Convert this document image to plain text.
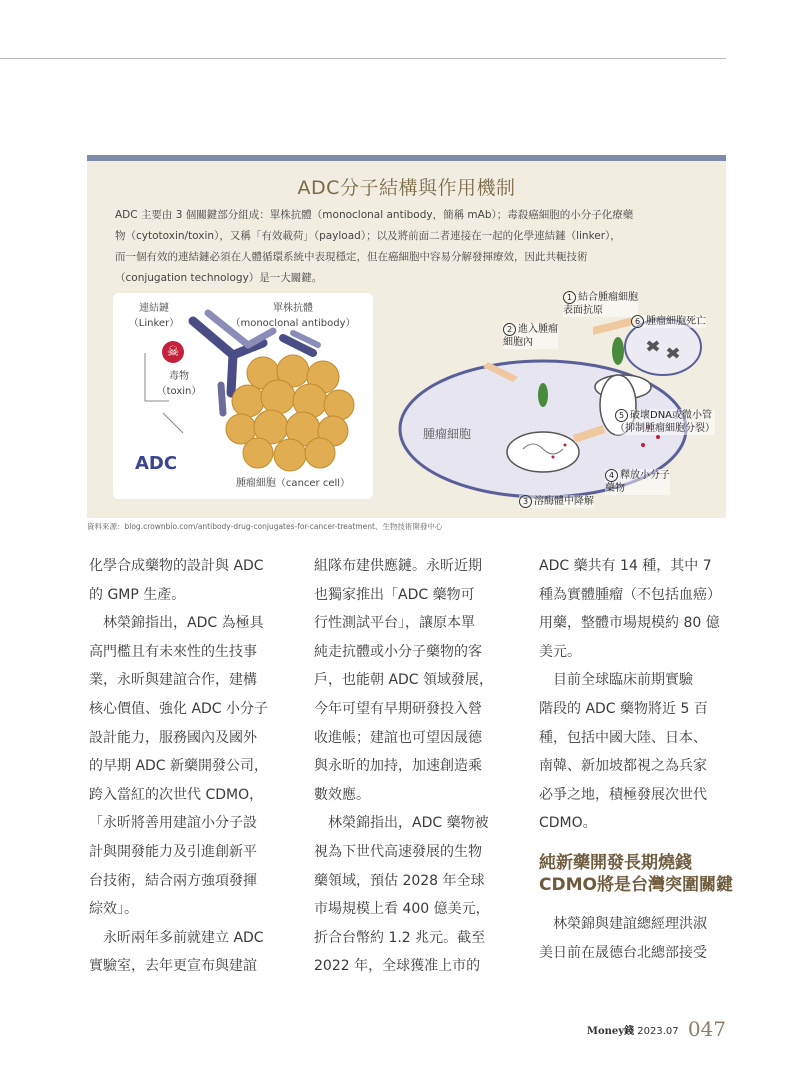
ADC分子結構與作用機制
ADC 主要由 3 個關鍵部分組成：單株抗體（monoclonal antibody，簡稱 mAb）；毒殺癌細胞的小分子化療藥
物（cytotoxin/toxin），又稱「有效載荷」（payload）；以及將前面二者連接在一起的化學連結鏈（linker），
而一個有效的連結鏈必須在人體循環系統中表現穩定，但在癌細胞中容易分解發揮療效，因此共軛技術
（conjugation technology）是一大關鍵。
☠
連結鏈
（Linker）
單株抗體
（monoclonal antibody）
毒物
（toxin）
ADC
腫瘤細胞（cancer cell）
1 結合腫瘤細胞
表面抗原
2 進入腫瘤
細胞內
6 腫瘤細胞死亡
5 破壞DNA或微小管
（抑制腫瘤細胞分裂）
4 釋放小分子
藥物
3 溶酶體中降解
腫瘤細胞
資料來源：blog.crownbio.com/antibody-drug-conjugates-for-cancer-treatment、生物技術開發中心

化學合成藥物的設計與 ADC
的 GMP 生產。

　林榮錦指出，ADC 為極具
高門檻且有未來性的生技事
業，永昕與建誼合作，建構
核心價值、強化 ADC 小分子
設計能力，服務國內及國外
的早期 ADC 新藥開發公司，
跨入當紅的次世代 CDMO，
「永昕將善用建誼小分子設
計與開發能力及引進創新平
台技術，結合兩方強項發揮
綜效」。

　永昕兩年多前就建立 ADC
實驗室，去年更宣布與建誼

組隊布建供應鏈。永昕近期
也獨家推出「ADC 藥物可
行性測試平台」，讓原本單
純走抗體或小分子藥物的客
戶，也能朝 ADC 領域發展，
今年可望有早期研發投入營
收進帳；建誼也可望因晟德
與永昕的加持，加速創造乘
數效應。

　林榮錦指出，ADC 藥物被
視為下世代高速發展的生物
藥領域，預估 2028 年全球
市場規模上看 400 億美元，
折合台幣約 1.2 兆元。截至
2022 年，全球獲准上市的

ADC 藥共有 14 種，其中 7
種為實體腫瘤（不包括血癌）
用藥，整體市場規模約 80 億
美元。

　目前全球臨床前期實驗
階段的 ADC 藥物將近 5 百
種，包括中國大陸、日本、
南韓、新加坡都視之為兵家
必爭之地，積極發展次世代
CDMO。

純新藥開發長期燒錢
CDMO將是台灣突圍關鍵

　林榮錦與建誼總經理洪淑
美日前在晟德台北總部接受

Money錢 2023.07 047
